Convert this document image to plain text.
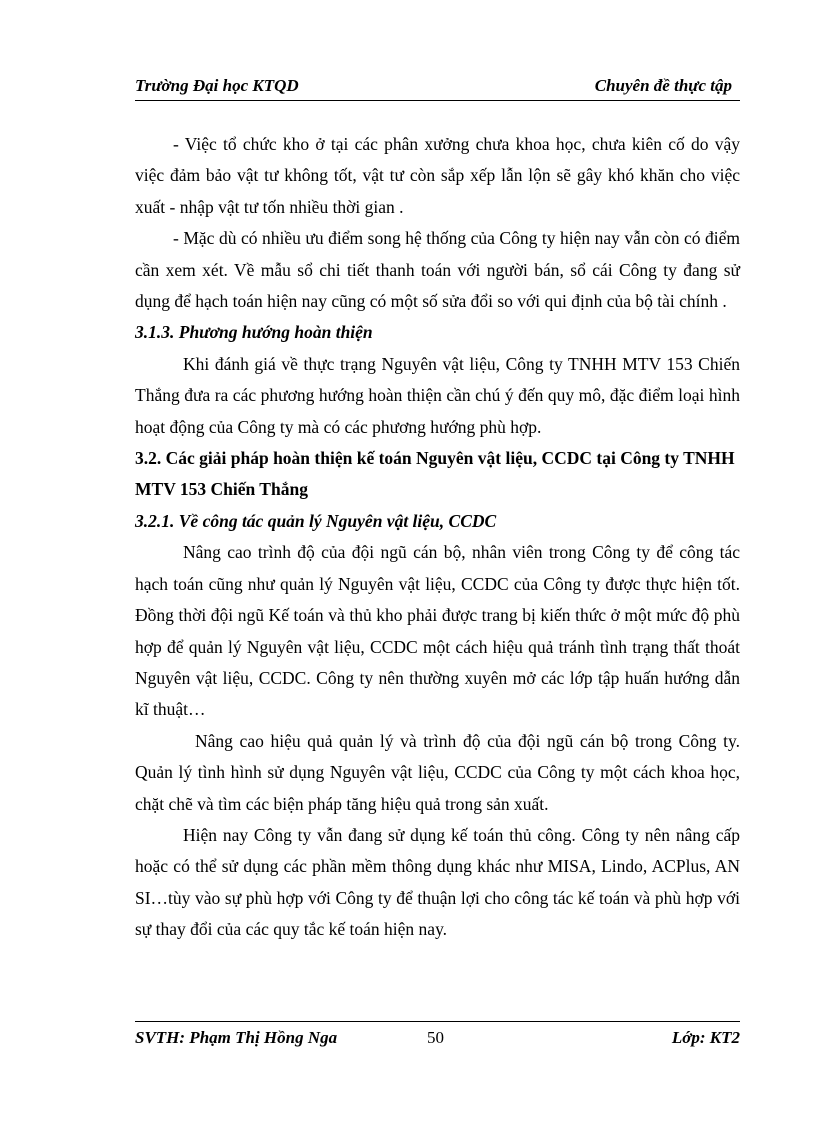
Trường Đại học KTQD	Chuyên đề thực tập

- Việc tổ chức kho ở tại các phân xưởng chưa khoa học, chưa kiên cố do vậy việc đảm bảo vật tư không tốt, vật tư còn sắp xếp lẫn lộn sẽ gây khó khăn cho việc xuất - nhập vật tư tốn nhiều thời gian .

- Mặc dù có nhiều ưu điểm song hệ thống của Công ty hiện nay vẫn còn có điểm cần xem xét. Về mẫu sổ chi tiết thanh toán với người bán, sổ cái Công ty đang sử dụng để hạch toán hiện nay cũng có một số sửa đổi so với qui định của bộ tài chính .

3.1.3. Phương hướng hoàn thiện

Khi đánh giá về thực trạng Nguyên vật liệu, Công ty TNHH MTV 153 Chiến Thắng đưa ra các phương hướng hoàn thiện cần chú ý đến quy mô, đặc điểm loại hình hoạt động của Công ty mà có các phương hướng phù hợp.

3.2. Các giải pháp hoàn thiện kế toán Nguyên vật liệu, CCDC tại Công ty TNHH MTV 153 Chiến Thắng

3.2.1. Về công tác quản lý Nguyên vật liệu, CCDC

Nâng cao trình độ của đội ngũ cán bộ, nhân viên trong Công ty để công tác hạch toán cũng như quản lý Nguyên vật liệu, CCDC của Công ty được thực hiện tốt. Đồng thời đội ngũ Kế toán và thủ kho phải được trang bị kiến thức ở một mức độ phù hợp để quản lý Nguyên vật liệu, CCDC một cách hiệu quả tránh tình trạng thất thoát Nguyên vật liệu, CCDC. Công ty nên thường xuyên mở các lớp tập huấn hướng dẫn kĩ thuật…

Nâng cao hiệu quả quản lý và trình độ của đội ngũ cán bộ trong Công ty. Quản lý tình hình sử dụng Nguyên vật liệu, CCDC của Công ty một cách khoa học, chặt chẽ và tìm các biện pháp tăng hiệu quả trong sản xuất.

Hiện nay Công ty vẫn đang sử dụng kế toán thủ công. Công ty nên nâng cấp hoặc có thể sử dụng các phần mềm thông dụng khác như MISA, Lindo, ACPlus, AN SI…tùy vào sự phù hợp với Công ty để thuận lợi cho công tác kế toán và phù hợp với sự thay đổi của các quy tắc kế toán hiện nay.

SVTH: Phạm Thị Hồng Nga	50	Lớp: KT2
